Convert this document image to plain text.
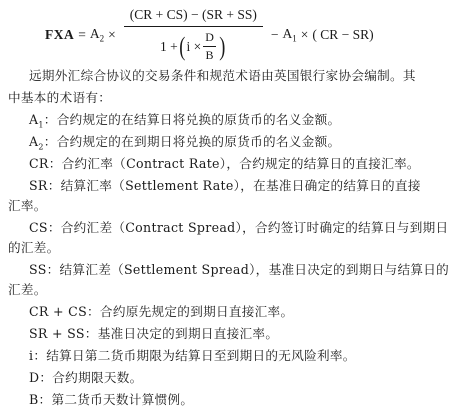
FXA = $A_2$ ×
(CR + CS) − (SR + SS)
1 + ( i ×
D
B )	− $A_1$ × ( CR − SR)
远期外汇综合协议的交易条件和规范术语由英国银行家协会编制。其
中基本的术语有：
$A_1$：合约规定的在结算日将兑换的原货币的名义金额。
$A_2$：合约规定的在到期日将兑换的原货币的名义金额。
CR：合约汇率（Contract Rate），合约规定的结算日的直接汇率。
SR：结算汇率（Settlement Rate），在基准日确定的结算日的直接
汇率。
CS：合约汇差（Contract Spread），合约签订时确定的结算日与到期日
的汇差。
SS：结算汇差（Settlement Spread），基准日决定的到期日与结算日的
汇差。
CR + CS：合约原先规定的到期日直接汇率。
SR + SS：基准日决定的到期日直接汇率。
i：结算日第二货币期限为结算日至到期日的无风险利率。
D：合约期限天数。
B：第二货币天数计算惯例。
